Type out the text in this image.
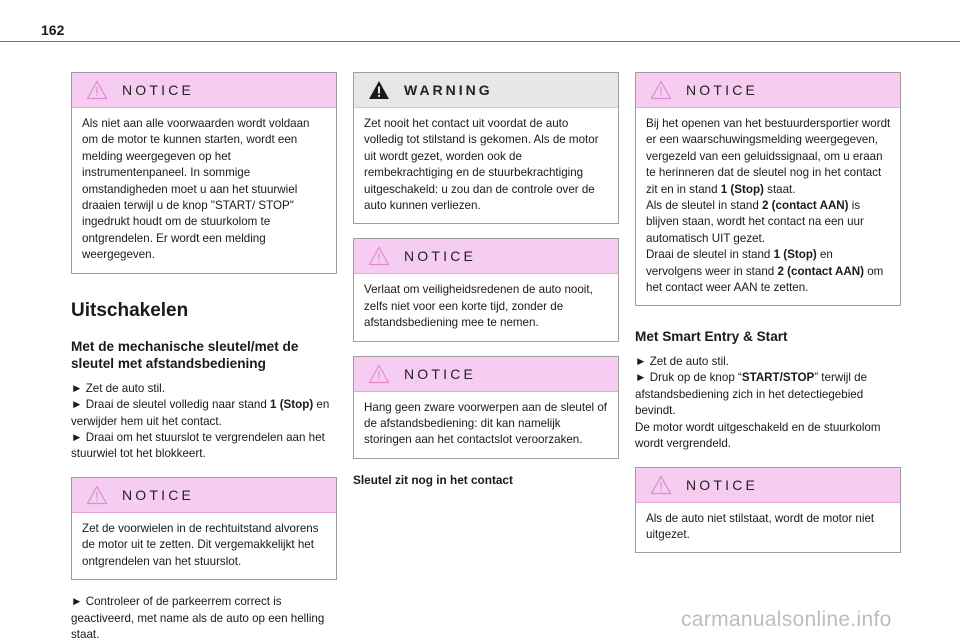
162
NOTICE
Als niet aan alle voorwaarden wordt voldaan om de motor te kunnen starten, wordt een melding weergegeven op het instrumentenpaneel. In sommige omstandigheden moet u aan het stuurwiel draaien terwijl u de knop "START/ STOP" ingedrukt houdt om de stuurkolom te ontgrendelen. Er wordt een melding weergegeven.
Uitschakelen
Met de mechanische sleutel/met de sleutel met afstandsbediening
► Zet de auto stil.
► Draai de sleutel volledig naar stand 1 (Stop) en verwijder hem uit het contact.
► Draai om het stuurslot te vergrendelen aan het stuurwiel tot het blokkeert.
NOTICE
Zet de voorwielen in de rechtuitstand alvorens de motor uit te zetten. Dit vergemakkelijkt het ontgrendelen van het stuurslot.
► Controleer of de parkeerrem correct is geactiveerd, met name als de auto op een helling staat.
WARNING
Zet nooit het contact uit voordat de auto volledig tot stilstand is gekomen. Als de motor uit wordt gezet, worden ook de rembekrachtiging en de stuurbekrachtiging uitgeschakeld: u zou dan de controle over de auto kunnen verliezen.
NOTICE
Verlaat om veiligheidsredenen de auto nooit, zelfs niet voor een korte tijd, zonder de afstandsbediening mee te nemen.
NOTICE
Hang geen zware voorwerpen aan de sleutel of de afstandsbediening: dit kan namelijk storingen aan het contactslot veroorzaken.
Sleutel zit nog in het contact
NOTICE
Bij het openen van het bestuurdersportier wordt er een waarschuwingsmelding weergegeven, vergezeld van een geluidssignaal, om u eraan te herinneren dat de sleutel nog in het contact zit en in stand 1 (Stop) staat.
Als de sleutel in stand 2 (contact AAN) is blijven staan, wordt het contact na een uur automatisch UIT gezet.
Draai de sleutel in stand 1 (Stop) en vervolgens weer in stand 2 (contact AAN) om het contact weer AAN te zetten.
Met Smart Entry & Start
► Zet de auto stil.
► Druk op de knop “START/STOP” terwijl de afstandsbediening zich in het detectiegebied bevindt.
De motor wordt uitgeschakeld en de stuurkolom wordt vergrendeld.
NOTICE
Als de auto niet stilstaat, wordt de motor niet uitgezet.
carmanualsonline.info
